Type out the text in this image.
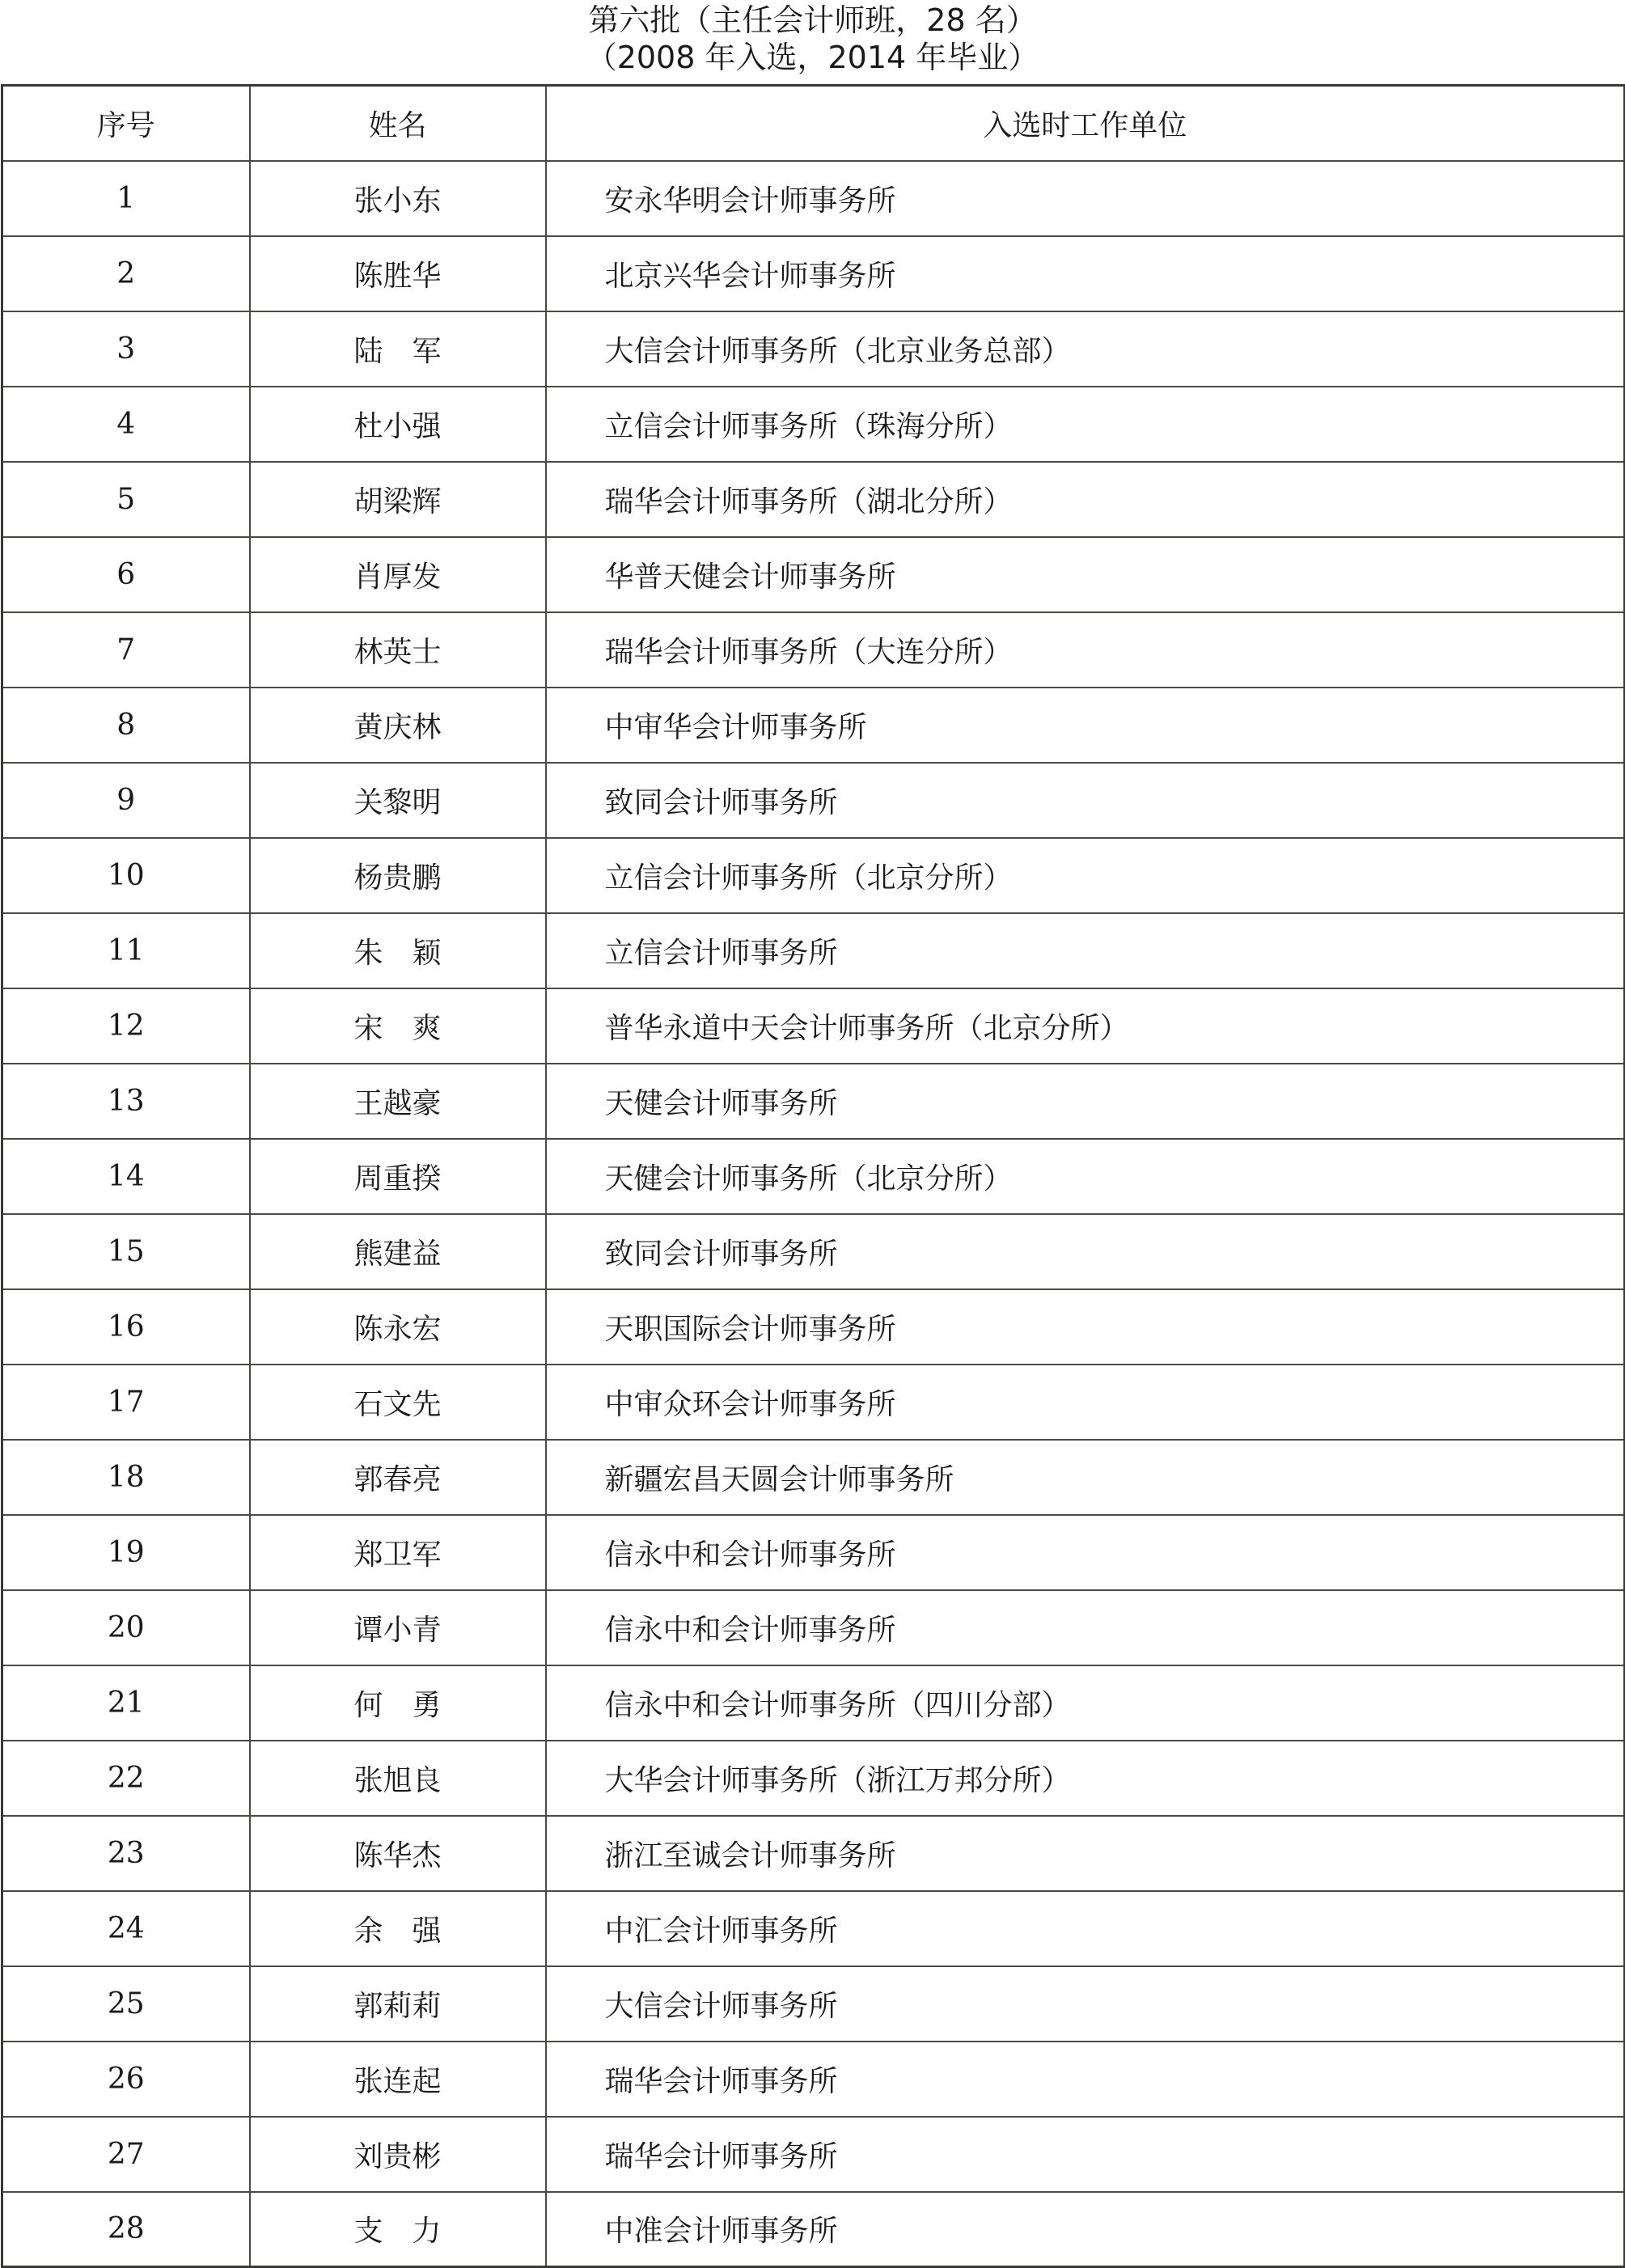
第六批（主任会计师班，28 名）
（2008 年入选，2014 年毕业）
序号	姓名	入选时工作单位
1	张小东	安永华明会计师事务所
2	陈胜华	北京兴华会计师事务所
3	陆　军	大信会计师事务所（北京业务总部）
4	杜小强	立信会计师事务所（珠海分所）
5	胡梁辉	瑞华会计师事务所（湖北分所）
6	肖厚发	华普天健会计师事务所
7	林英士	瑞华会计师事务所（大连分所）
8	黄庆林	中审华会计师事务所
9	关黎明	致同会计师事务所
10	杨贵鹏	立信会计师事务所（北京分所）
11	朱　颖	立信会计师事务所
12	宋　爽	普华永道中天会计师事务所（北京分所）
13	王越豪	天健会计师事务所
14	周重揆	天健会计师事务所（北京分所）
15	熊建益	致同会计师事务所
16	陈永宏	天职国际会计师事务所
17	石文先	中审众环会计师事务所
18	郭春亮	新疆宏昌天圆会计师事务所
19	郑卫军	信永中和会计师事务所
20	谭小青	信永中和会计师事务所
21	何　勇	信永中和会计师事务所（四川分部）
22	张旭良	大华会计师事务所（浙江万邦分所）
23	陈华杰	浙江至诚会计师事务所
24	余　强	中汇会计师事务所
25	郭莉莉	大信会计师事务所
26	张连起	瑞华会计师事务所
27	刘贵彬	瑞华会计师事务所
28	支　力	中准会计师事务所
